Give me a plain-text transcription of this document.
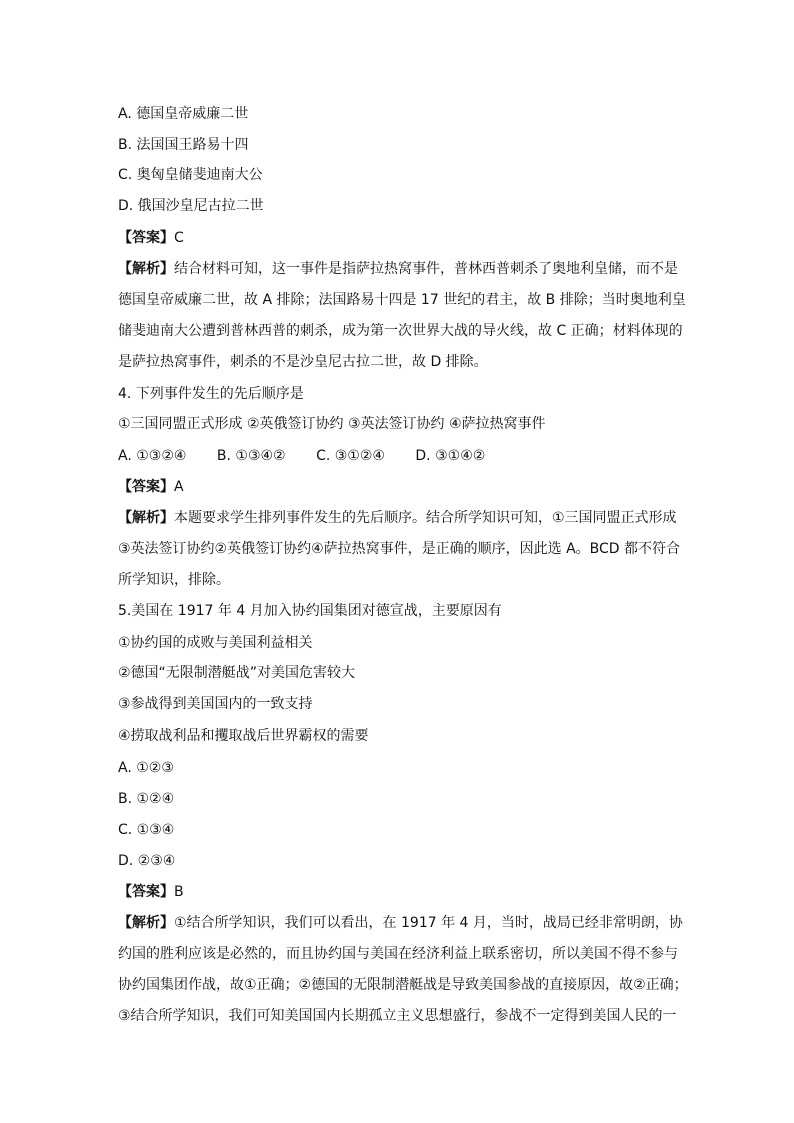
A. 德国皇帝威廉二世
B. 法国国王路易十四
C. 奥匈皇储斐迪南大公
D. 俄国沙皇尼古拉二世
【答案】C
【解析】结合材料可知，这一事件是指萨拉热窝事件，普林西普刺杀了奥地利皇储，而不是
德国皇帝威廉二世，故 A 排除；法国路易十四是 17 世纪的君主，故 B 排除；当时奥地利皇
储斐迪南大公遭到普林西普的刺杀，成为第一次世界大战的导火线，故 C 正确；材料体现的
是萨拉热窝事件，刺杀的不是沙皇尼古拉二世，故 D 排除。
4. 下列事件发生的先后顺序是
①三国同盟正式形成 ②英俄签订协约 ③英法签订协约 ④萨拉热窝事件
A. ①③②④ B. ①③④② C. ③①②④ D. ③①④②
【答案】A
【解析】本题要求学生排列事件发生的先后顺序。结合所学知识可知，①三国同盟正式形成
③英法签订协约②英俄签订协约④萨拉热窝事件，是正确的顺序，因此选 A。BCD 都不符合
所学知识，排除。
5.美国在 1917 年 4 月加入协约国集团对德宣战，主要原因有
①协约国的成败与美国利益相关
②德国“无限制潜艇战”对美国危害较大
③参战得到美国国内的一致支持
④捞取战利品和攫取战后世界霸权的需要
A. ①②③
B. ①②④
C. ①③④
D. ②③④
【答案】B
【解析】①结合所学知识，我们可以看出，在 1917 年 4 月，当时，战局已经非常明朗，协
约国的胜利应该是必然的，而且协约国与美国在经济利益上联系密切，所以美国不得不参与
协约国集团作战，故①正确；②德国的无限制潜艇战是导致美国参战的直接原因，故②正确；
③结合所学知识，我们可知美国国内长期孤立主义思想盛行，参战不一定得到美国人民的一
